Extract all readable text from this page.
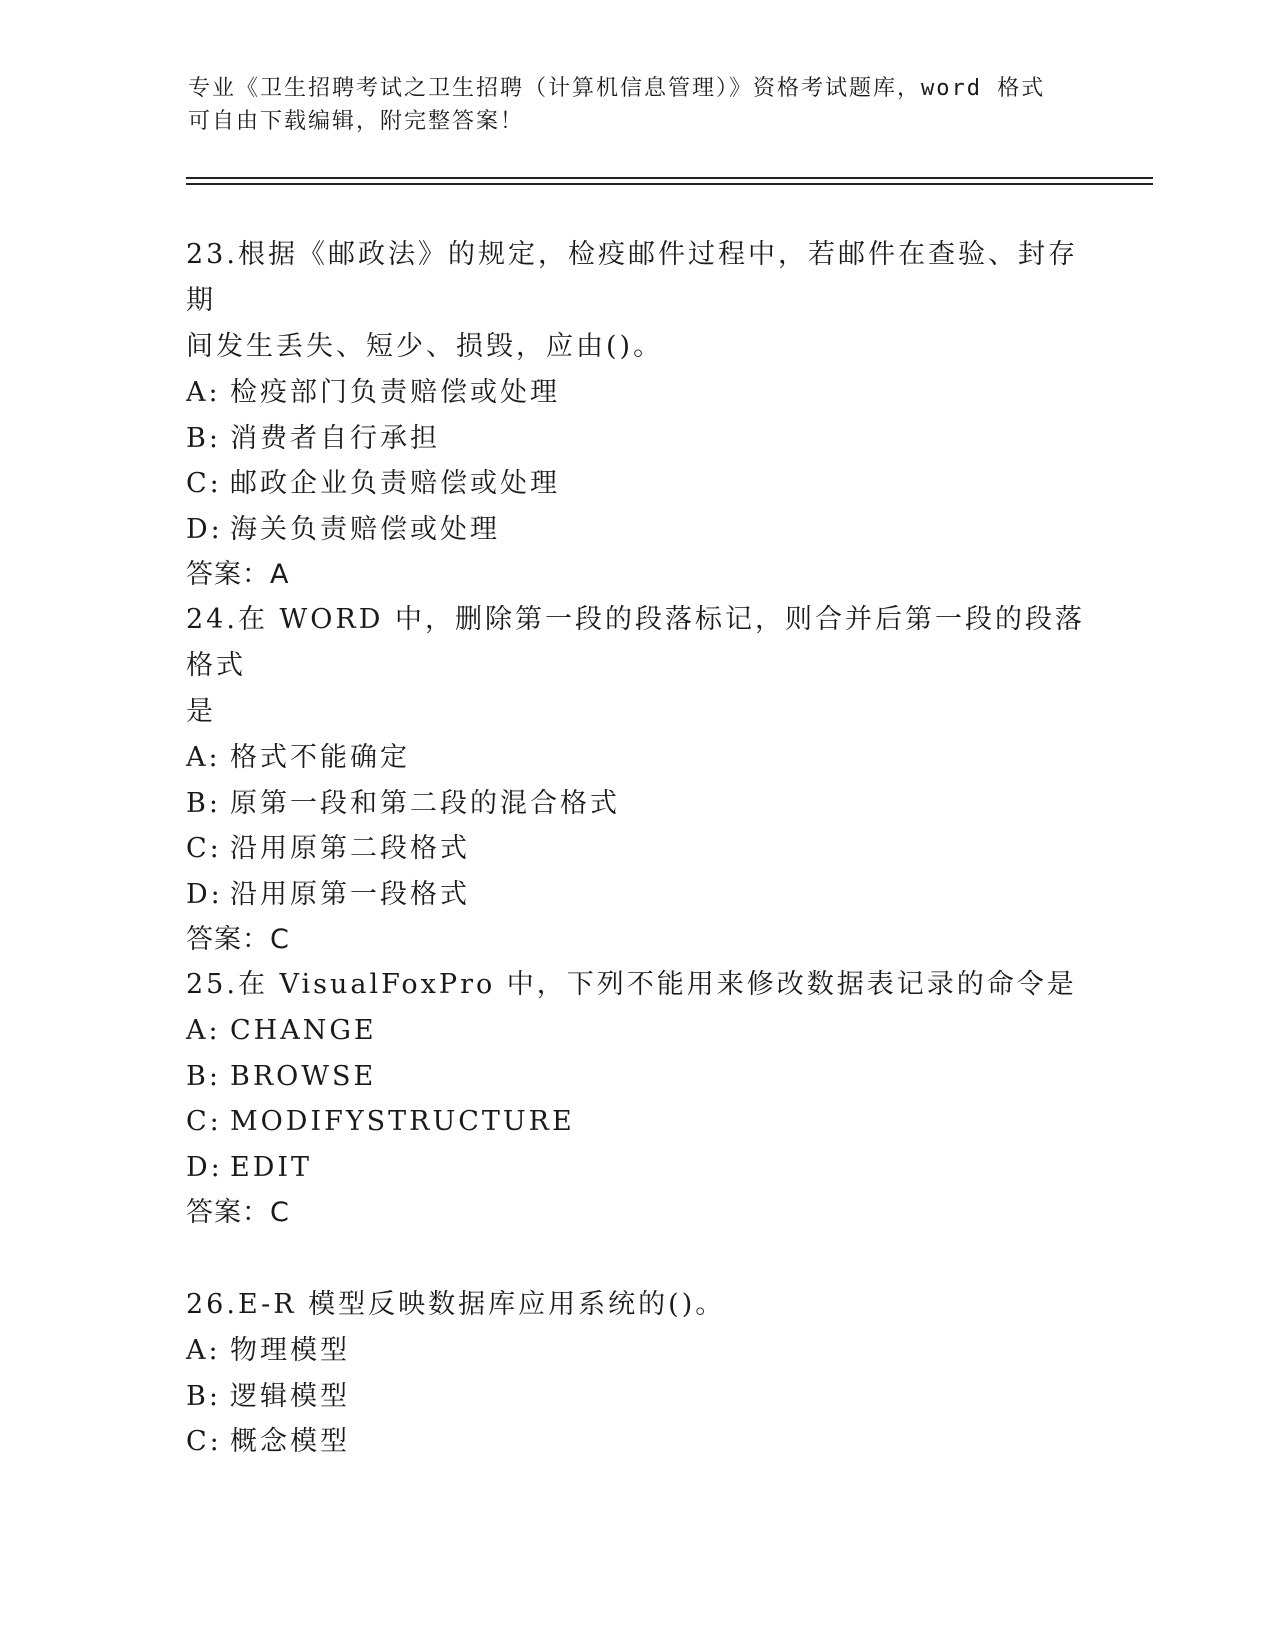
专业《卫生招聘考试之卫生招聘（计算机信息管理）》资格考试题库，word 格式
可自由下载编辑，附完整答案！

23.根据《邮政法》的规定，检疫邮件过程中，若邮件在查验、封存期
间发生丢失、短少、损毁，应由()。

A: 检疫部门负责赔偿或处理

B: 消费者自行承担

C: 邮政企业负责赔偿或处理

D: 海关负责赔偿或处理

答案：A

24.在 WORD 中，删除第一段的段落标记，则合并后第一段的段落格式
是

A: 格式不能确定

B: 原第一段和第二段的混合格式

C: 沿用原第二段格式

D: 沿用原第一段格式

答案：C

25.在 VisualFoxPro 中，下列不能用来修改数据表记录的命令是

A: CHANGE

B: BROWSE

C: MODIFYSTRUCTURE

D: EDIT

答案：C

26.E-R 模型反映数据库应用系统的()。

A: 物理模型

B: 逻辑模型

C: 概念模型
